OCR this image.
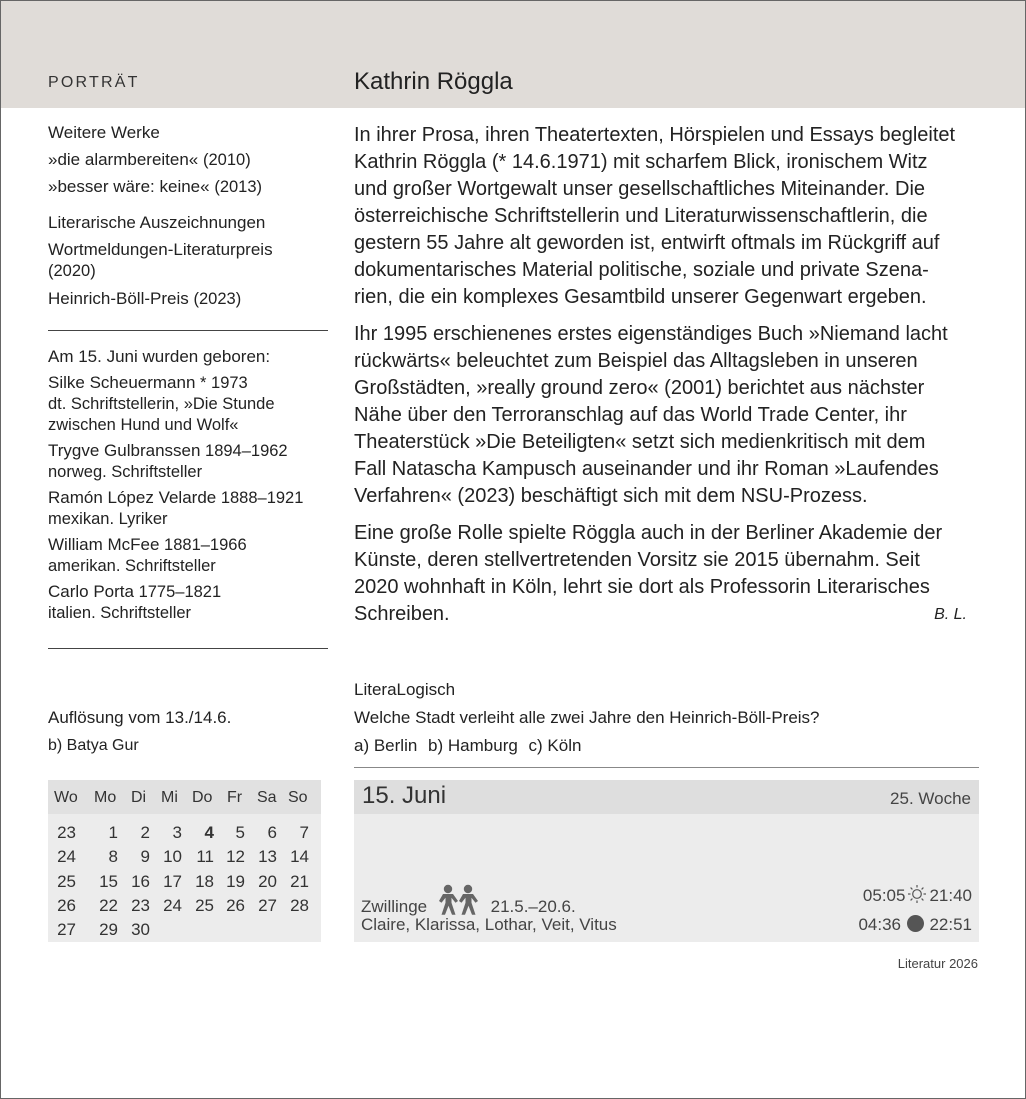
PORTRÄT	Kathrin Röggla
Weitere Werke
»die alarmbereiten« (2010)
»besser wäre: keine« (2013)
Literarische Auszeichnungen
Wortmeldungen-Literaturpreis
(2020)
Heinrich-Böll-Preis (2023)
Am 15. Juni wurden geboren:
Silke Scheuermann * 1973
dt. Schriftstellerin, »Die Stunde
zwischen Hund und Wolf«
Trygve Gulbranssen 1894–1962
norweg. Schriftsteller
Ramón López Velarde 1888–1921
mexikan. Lyriker
William McFee 1881–1966
amerikan. Schriftsteller
Carlo Porta 1775–1821
italien. Schriftsteller

In ihrer Prosa, ihren Theatertexten, Hörspielen und Essays begleitet
Kathrin Röggla (* 14.6.1971) mit scharfem Blick, ironischem Witz
und großer Wortgewalt unser gesellschaftliches Miteinander. Die
österreichische Schriftstellerin und Literaturwissenschaftlerin, die
gestern 55 Jahre alt geworden ist, entwirft oftmals im Rückgriff auf
dokumentarisches Material politische, soziale und private Szena-
rien, die ein komplexes Gesamtbild unserer Gegenwart ergeben.

Ihr 1995 erschienenes erstes eigenständiges Buch »Niemand lacht
rückwärts« beleuchtet zum Beispiel das Alltagsleben in unseren
Großstädten, »really ground zero« (2001) berichtet aus nächster
Nähe über den Terroranschlag auf das World Trade Center, ihr
Theaterstück »Die Beteiligten« setzt sich medienkritisch mit dem
Fall Natascha Kampusch auseinander und ihr Roman »Laufendes
Verfahren« (2023) beschäftigt sich mit dem NSU-Prozess.

Eine große Rolle spielte Röggla auch in der Berliner Akademie der
Künste, deren stellvertretenden Vorsitz sie 2015 übernahm. Seit
2020 wohnhaft in Köln, lehrt sie dort als Professorin Literarisches
Schreiben.	B. L.

LiteraLogisch
Welche Stadt verleiht alle zwei Jahre den Heinrich-Böll-Preis?
a) Berlin b) Hamburg c) Köln
Auflösung vom 13./14.6.
b) Batya Gur
Wo Mo Di Mi Do Fr Sa So
23	1	2	3	4	5	6	7
24	8	9 10 11 12 13 14
25	15 16 17 18 19 20 21
26	22 23 24 25 26 27 28
27	29 30
15. Juni	25. Woche
Zwillinge	21.5.–20.6.
05:05 21:40
Claire, Klarissa, Lothar, Veit, Vitus	04:36 22:51
Literatur 2026
